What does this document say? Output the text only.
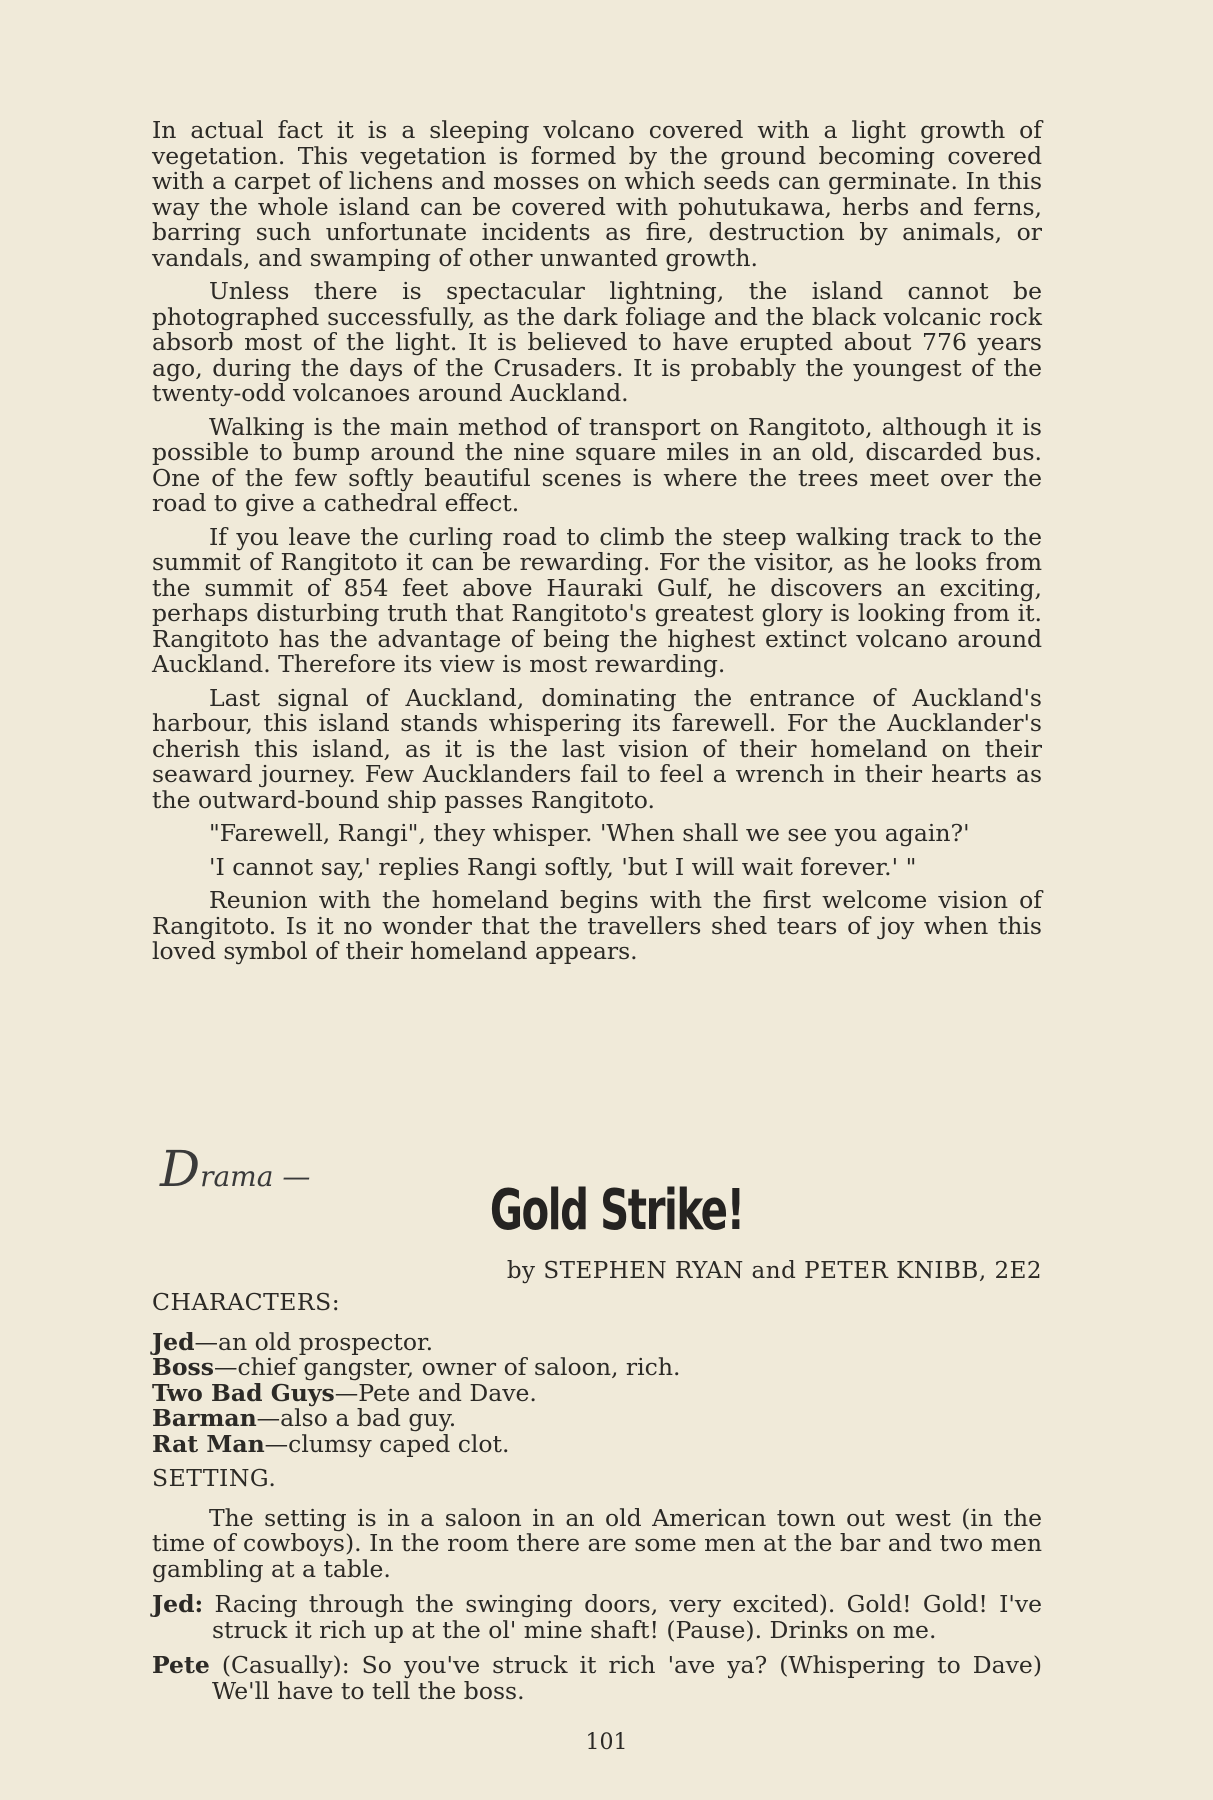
In actual fact it is a sleeping volcano covered with a light growth of vegetation. This vegetation is formed by the ground becoming covered with a carpet of lichens and mosses on which seeds can germinate. In this way the whole island can be covered with pohutukawa, herbs and ferns, barring such unfortunate incidents as fire, destruction by animals, or vandals, and swamping of other unwanted growth.

Unless there is spectacular lightning, the island cannot be photographed successfully, as the dark foliage and the black volcanic rock absorb most of the light. It is believed to have erupted about 776 years ago, during the days of the Crusaders. It is probably the youngest of the twenty-odd volcanoes around Auckland.

Walking is the main method of transport on Rangitoto, although it is possible to bump around the nine square miles in an old, discarded bus. One of the few softly beautiful scenes is where the trees meet over the road to give a cathedral effect.

If you leave the curling road to climb the steep walking track to the summit of Rangitoto it can be rewarding. For the visitor, as he looks from the summit of 854 feet above Hauraki Gulf, he discovers an exciting, perhaps disturbing truth that Rangitoto's greatest glory is looking from it. Rangitoto has the advantage of being the highest extinct volcano around Auckland. Therefore its view is most rewarding.

Last signal of Auckland, dominating the entrance of Auckland's harbour, this island stands whispering its farewell. For the Aucklander's cherish this island, as it is the last vision of their homeland on their seaward journey. Few Aucklanders fail to feel a wrench in their hearts as the outward-bound ship passes Rangitoto.

"Farewell, Rangi", they whisper. 'When shall we see you again?'

'I cannot say,' replies Rangi softly, 'but I will wait forever.' "

Reunion with the homeland begins with the first welcome vision of Rangitoto. Is it no wonder that the travellers shed tears of joy when this loved symbol of their homeland appears.

Drama —
Gold Strike!
by STEPHEN RYAN and PETER KNIBB, 2E2

CHARACTERS:

Jed—an old prospector.
Boss—chief gangster, owner of saloon, rich.
Two Bad Guys—Pete and Dave.
Barman—also a bad guy.
Rat Man—clumsy caped clot.

SETTING.

The setting is in a saloon in an old American town out west (in the time of cowboys). In the room there are some men at the bar and two men gambling at a table.

Jed: Racing through the swinging doors, very excited). Gold! Gold! I've struck it rich up at the ol' mine shaft! (Pause). Drinks on me.

Pete (Casually): So you've struck it rich 'ave ya? (Whispering to Dave) We'll have to tell the boss.

101
